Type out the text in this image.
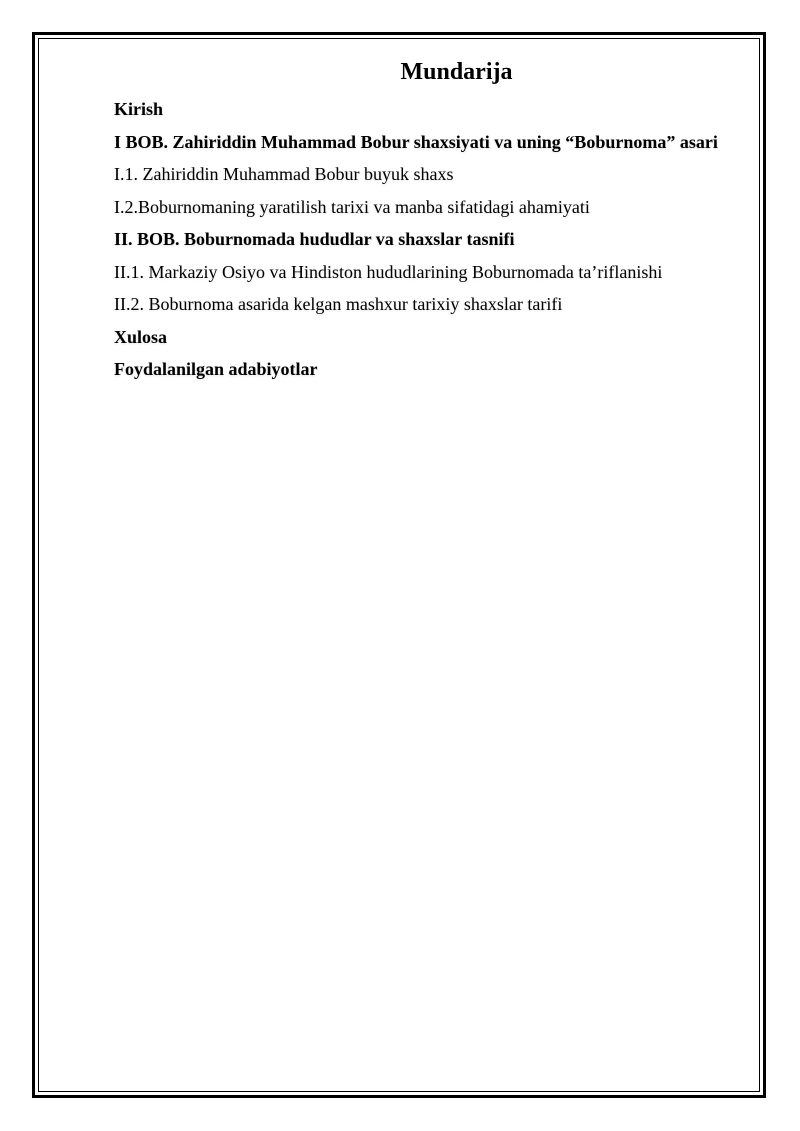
Mundarija
Kirish
I BOB. Zahiriddin Muhammad Bobur shaxsiyati va uning “Boburnoma” asari
I.1. Zahiriddin Muhammad Bobur buyuk shaxs
I.2.Boburnomaning yaratilish tarixi va manba sifatidagi ahamiyati
II. BOB. Boburnomada hududlar va shaxslar tasnifi
II.1. Markaziy Osiyo va Hindiston hududlarining Boburnomada ta’riflanishi
II.2. Boburnoma asarida kelgan mashxur tarixiy shaxslar tarifi
Xulosa
Foydalanilgan adabiyotlar
